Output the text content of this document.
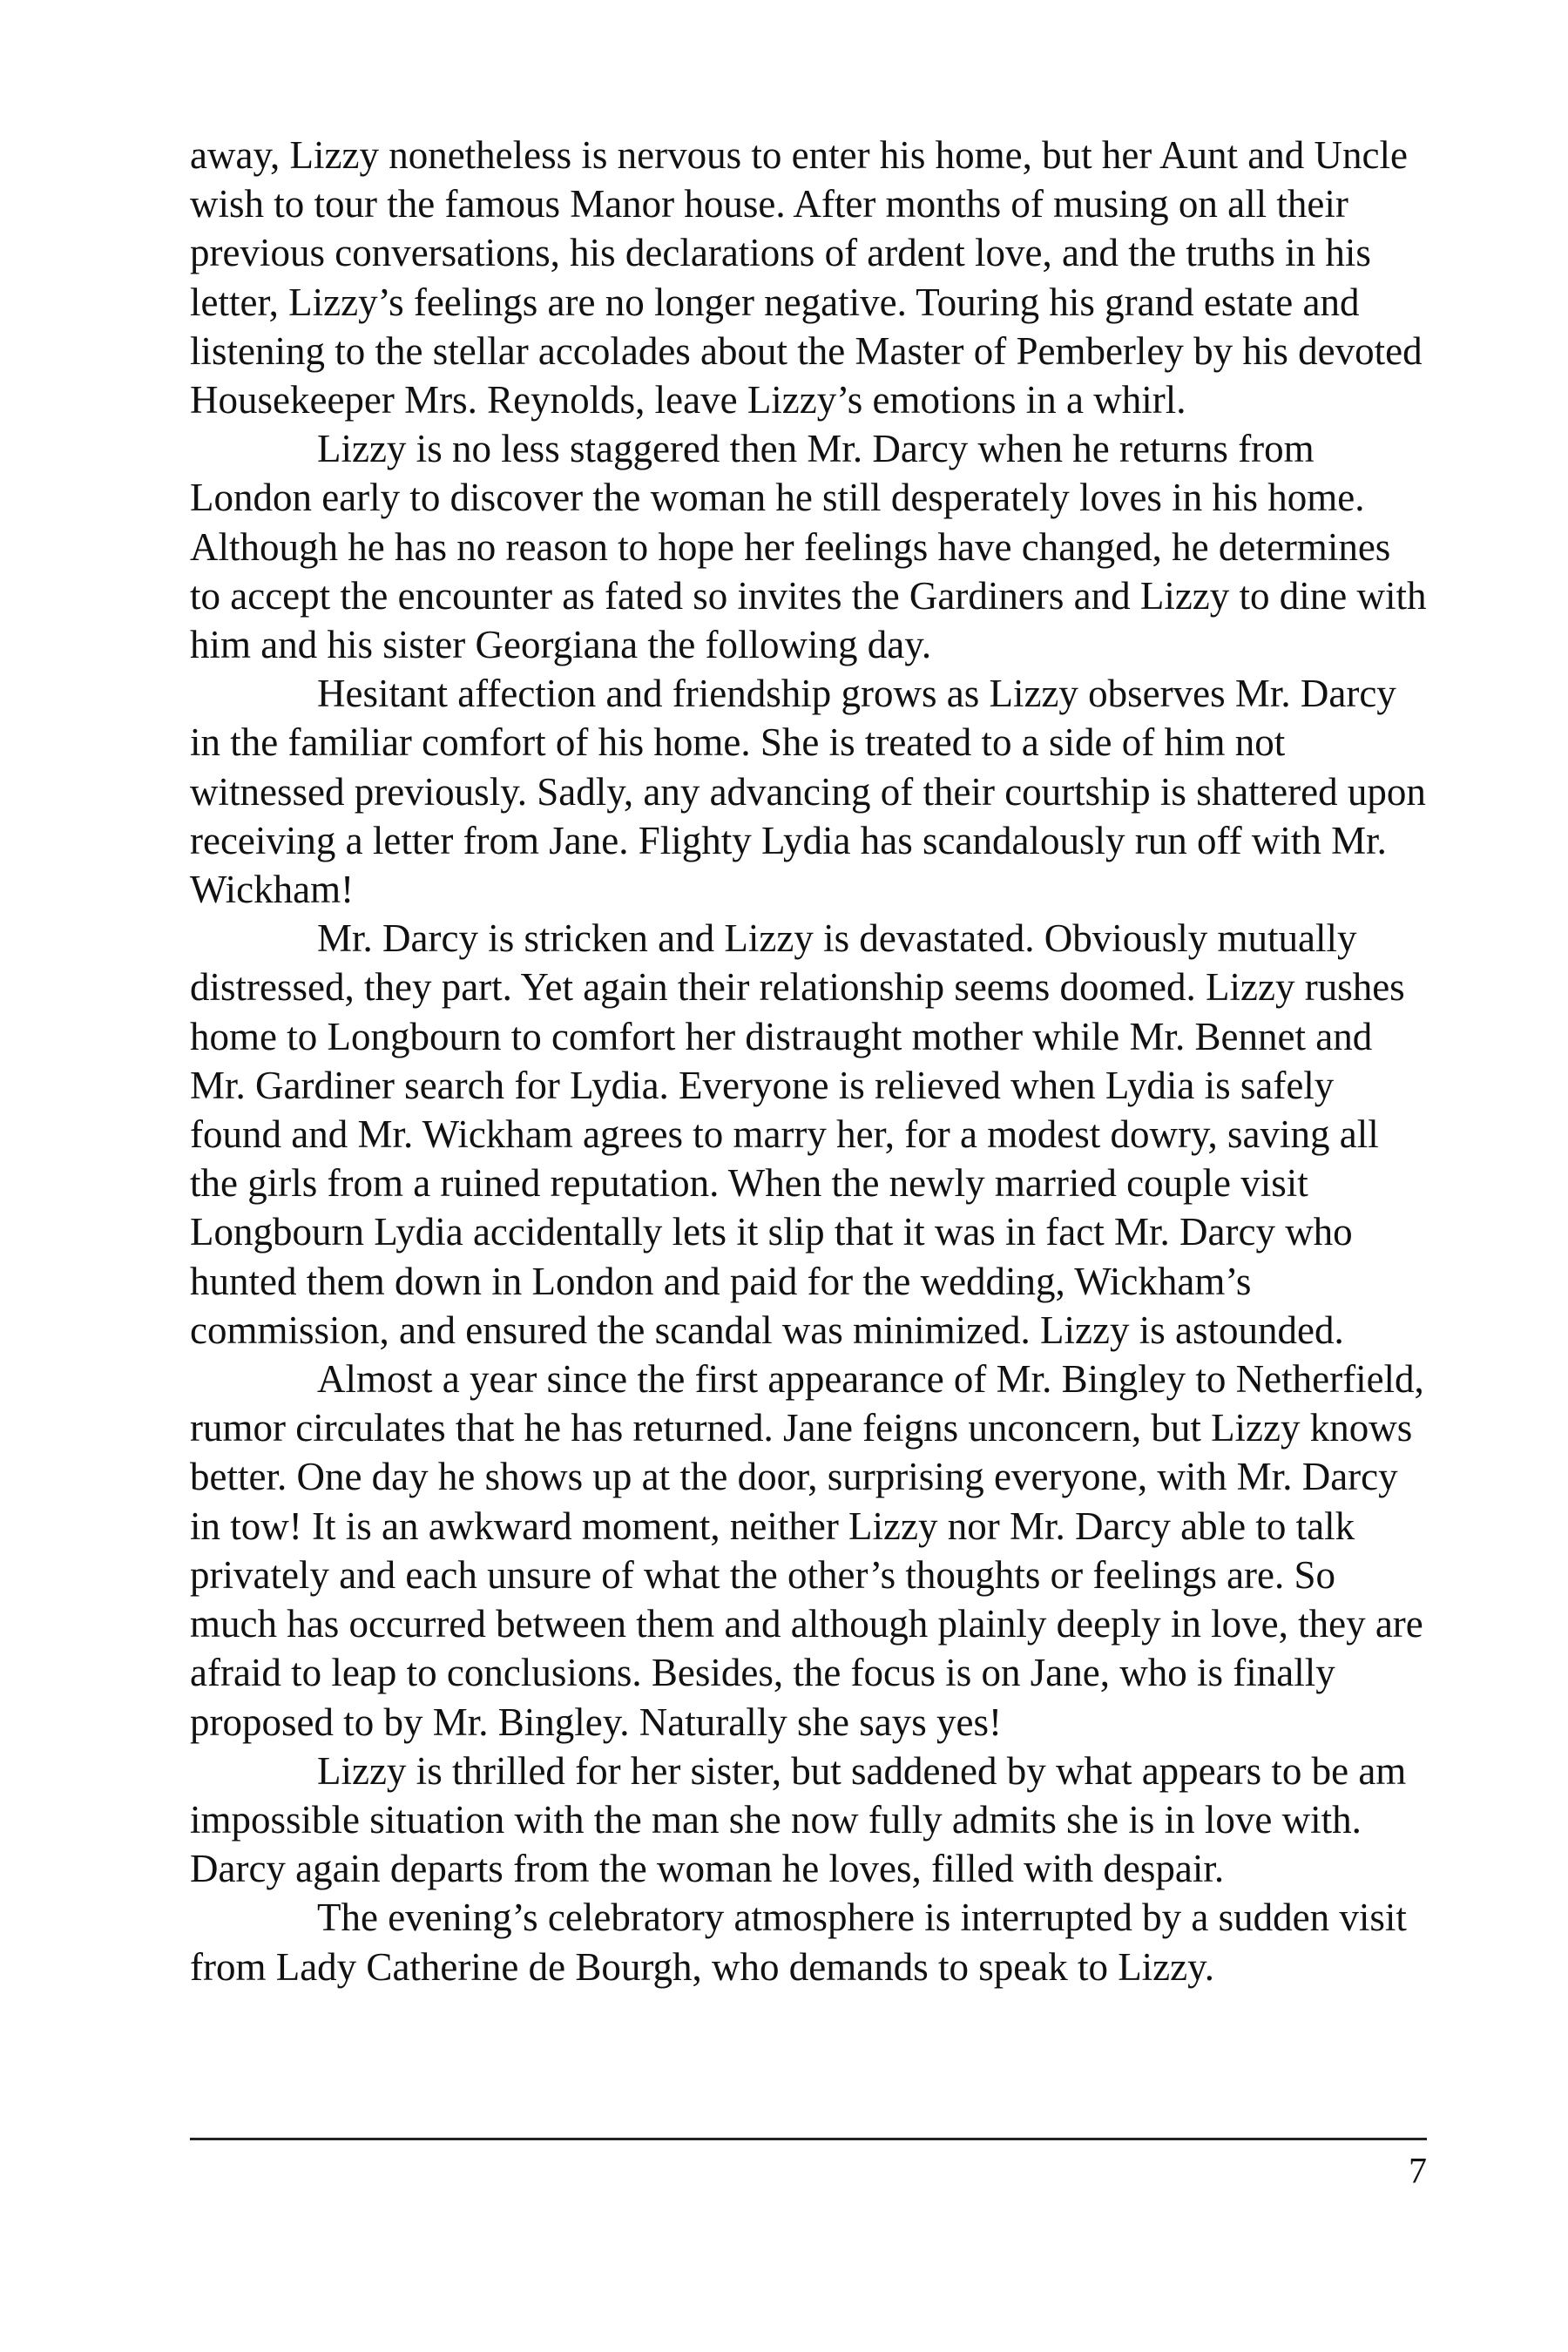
away, Lizzy nonetheless is nervous to enter his home, but her Aunt and Uncle wish to tour the famous Manor house. After months of musing on all their previous conversations, his declarations of ardent love, and the truths in his letter, Lizzy’s feelings are no longer negative. Touring his grand estate and listening to the stellar accolades about the Master of Pemberley by his devoted Housekeeper Mrs. Reynolds, leave Lizzy’s emotions in a whirl.

Lizzy is no less staggered then Mr. Darcy when he returns from London early to discover the woman he still desperately loves in his home. Although he has no reason to hope her feelings have changed, he determines to accept the encounter as fated so invites the Gardiners and Lizzy to dine with him and his sister Georgiana the following day.

Hesitant affection and friendship grows as Lizzy observes Mr. Darcy in the familiar comfort of his home. She is treated to a side of him not witnessed previously. Sadly, any advancing of their courtship is shattered upon receiving a letter from Jane. Flighty Lydia has scandalously run off with Mr. Wickham!

Mr. Darcy is stricken and Lizzy is devastated. Obviously mutually distressed, they part. Yet again their relationship seems doomed. Lizzy rushes home to Longbourn to comfort her distraught mother while Mr. Bennet and Mr. Gardiner search for Lydia. Everyone is relieved when Lydia is safely found and Mr. Wickham agrees to marry her, for a modest dowry, saving all the girls from a ruined reputation. When the newly married couple visit Longbourn Lydia accidentally lets it slip that it was in fact Mr. Darcy who hunted them down in London and paid for the wedding, Wickham’s commission, and ensured the scandal was minimized. Lizzy is astounded.

Almost a year since the first appearance of Mr. Bingley to Netherfield, rumor circulates that he has returned. Jane feigns unconcern, but Lizzy knows better. One day he shows up at the door, surprising everyone, with Mr. Darcy in tow! It is an awkward moment, neither Lizzy nor Mr. Darcy able to talk privately and each unsure of what the other’s thoughts or feelings are. So much has occurred between them and although plainly deeply in love, they are afraid to leap to conclusions. Besides, the focus is on Jane, who is finally proposed to by Mr. Bingley. Naturally she says yes!

Lizzy is thrilled for her sister, but saddened by what appears to be am impossible situation with the man she now fully admits she is in love with. Darcy again departs from the woman he loves, filled with despair.

The evening’s celebratory atmosphere is interrupted by a sudden visit from Lady Catherine de Bourgh, who demands to speak to Lizzy.

7
